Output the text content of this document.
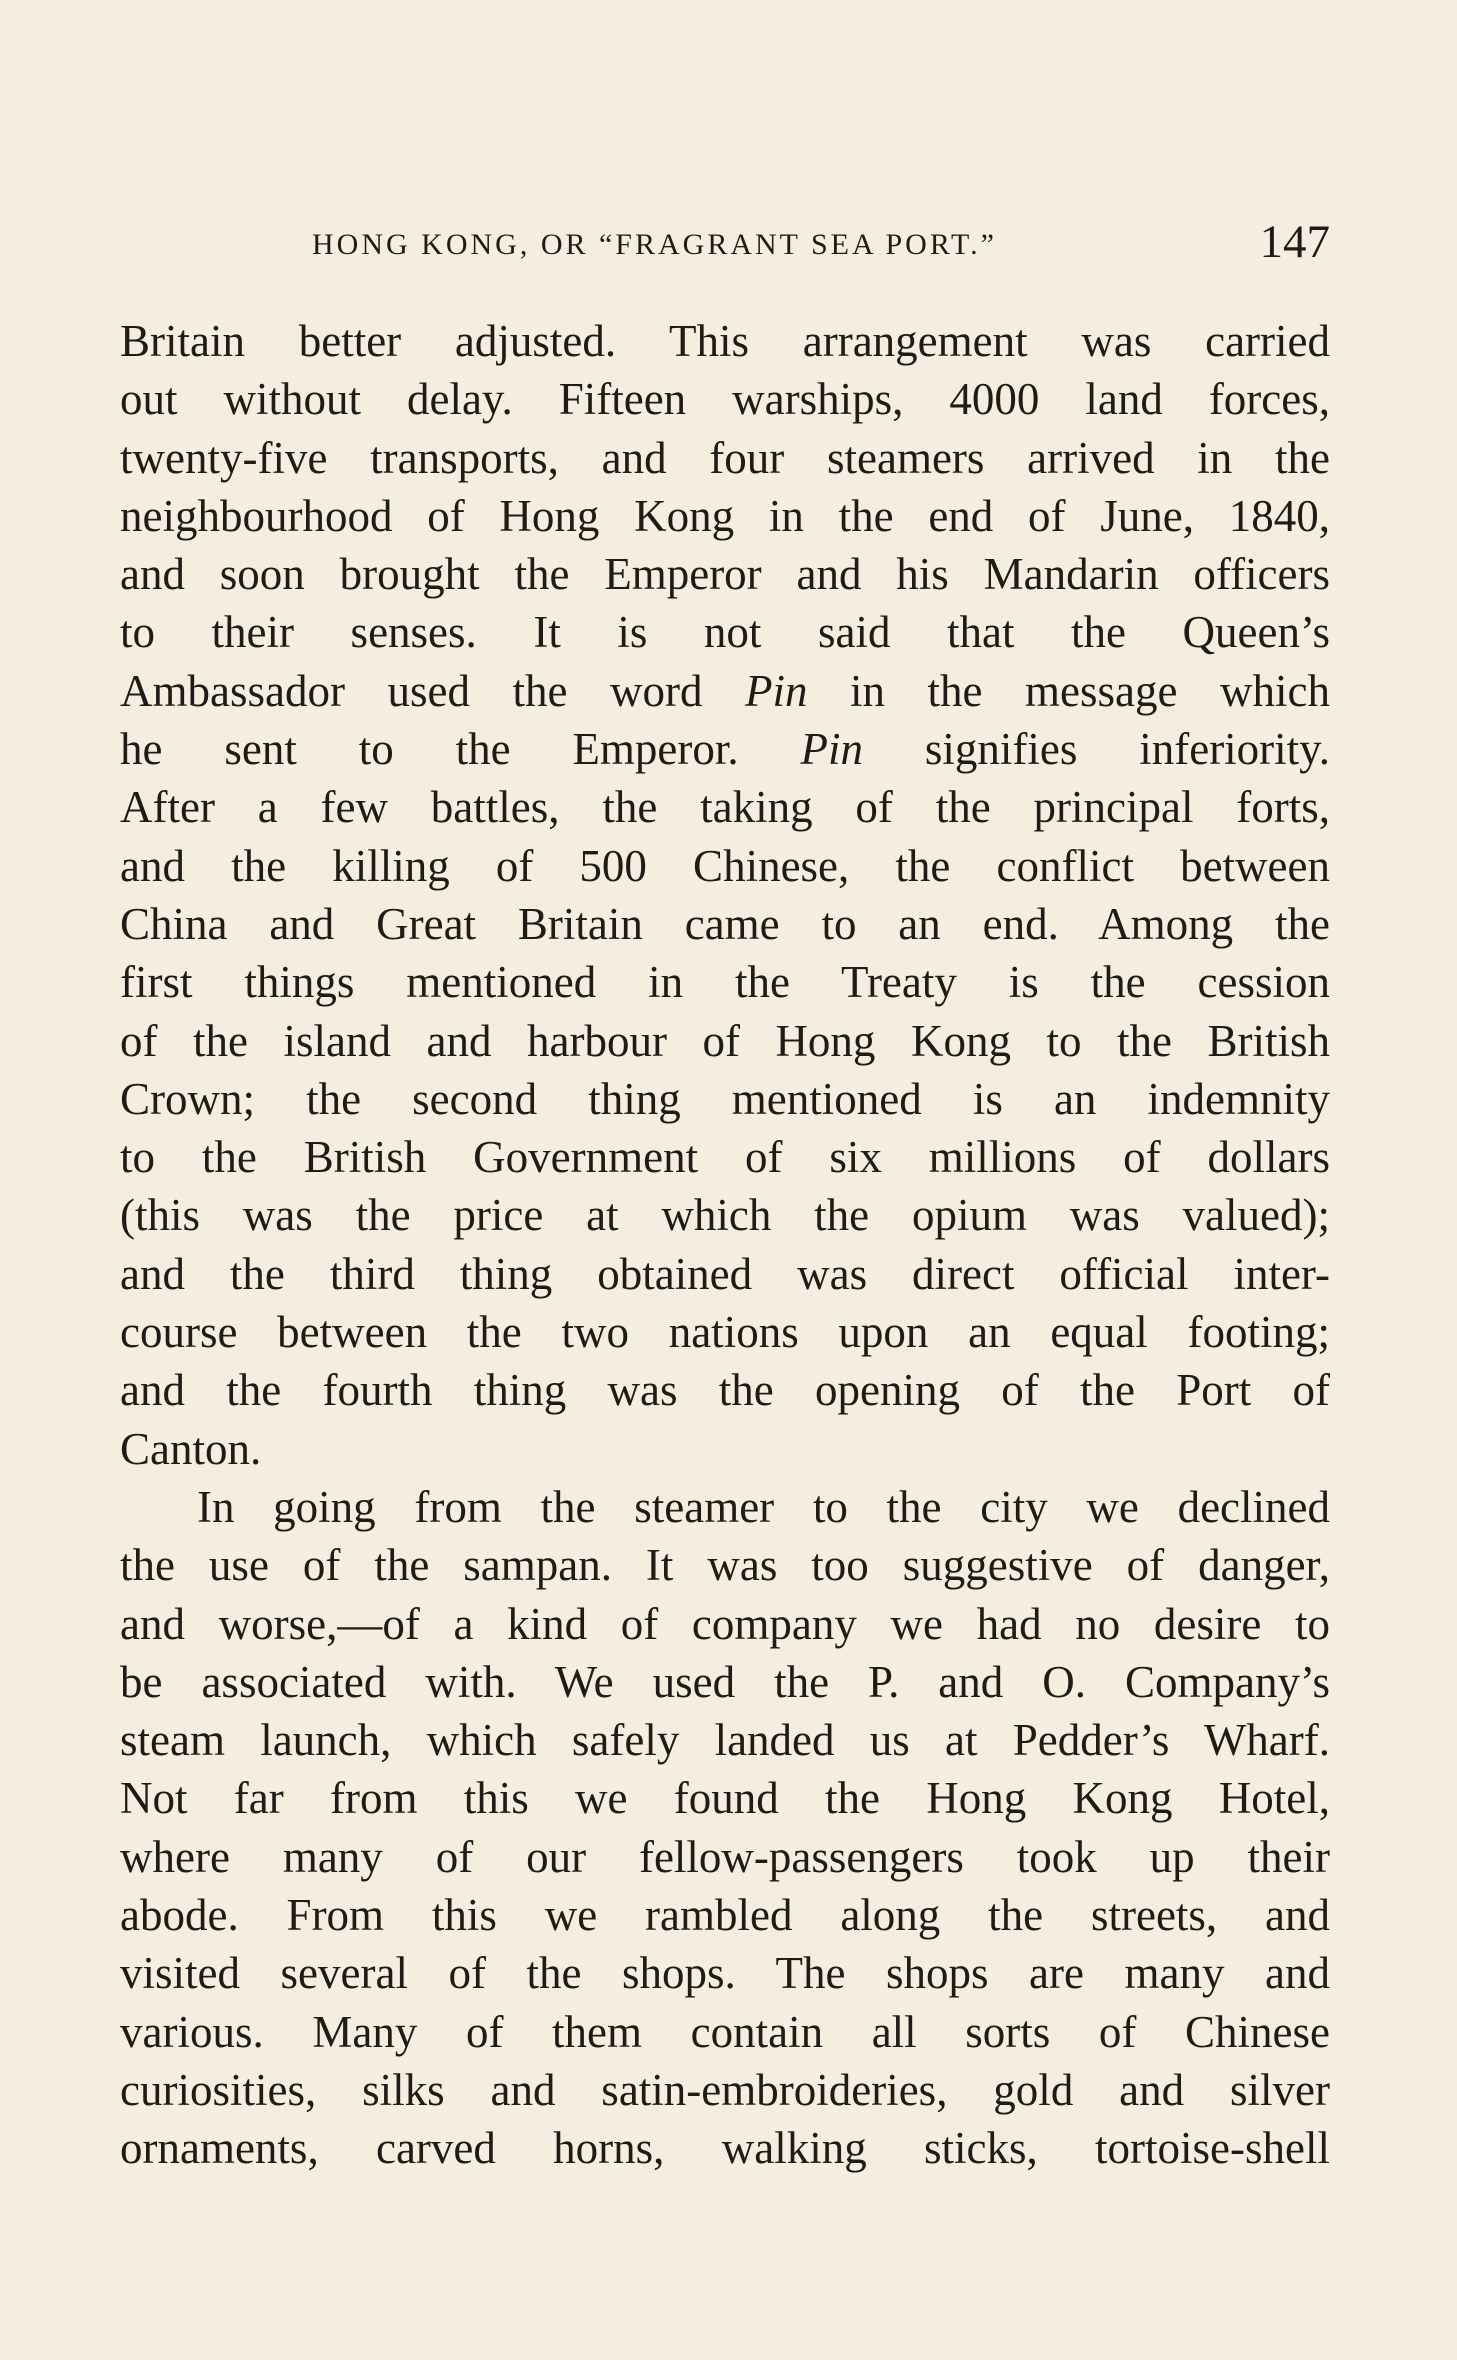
HONG KONG, OR “FRAGRANT SEA PORT.”	147
Britain better adjusted. This arrangement was carried
out without delay. Fifteen warships, 4000 land forces,
twenty-five transports, and four steamers arrived in the
neighbourhood of Hong Kong in the end of June, 1840,
and soon brought the Emperor and his Mandarin officers
to their senses. It is not said that the Queen’s
Ambassador used the word Pin in the message which
he sent to the Emperor. Pin signifies inferiority.
After a few battles, the taking of the principal forts,
and the killing of 500 Chinese, the conflict between
China and Great Britain came to an end. Among the
first things mentioned in the Treaty is the cession
of the island and harbour of Hong Kong to the British
Crown; the second thing mentioned is an indemnity
to the British Government of six millions of dollars
(this was the price at which the opium was valued);
and the third thing obtained was direct official inter-
course between the two nations upon an equal footing;
and the fourth thing was the opening of the Port of
Canton.
In going from the steamer to the city we declined
the use of the sampan. It was too suggestive of danger,
and worse,—of a kind of company we had no desire to
be associated with. We used the P. and O. Company’s
steam launch, which safely landed us at Pedder’s Wharf.
Not far from this we found the Hong Kong Hotel,
where many of our fellow-passengers took up their
abode. From this we rambled along the streets, and
visited several of the shops. The shops are many and
various. Many of them contain all sorts of Chinese
curiosities, silks and satin-embroideries, gold and silver
ornaments, carved horns, walking sticks, tortoise-shell
